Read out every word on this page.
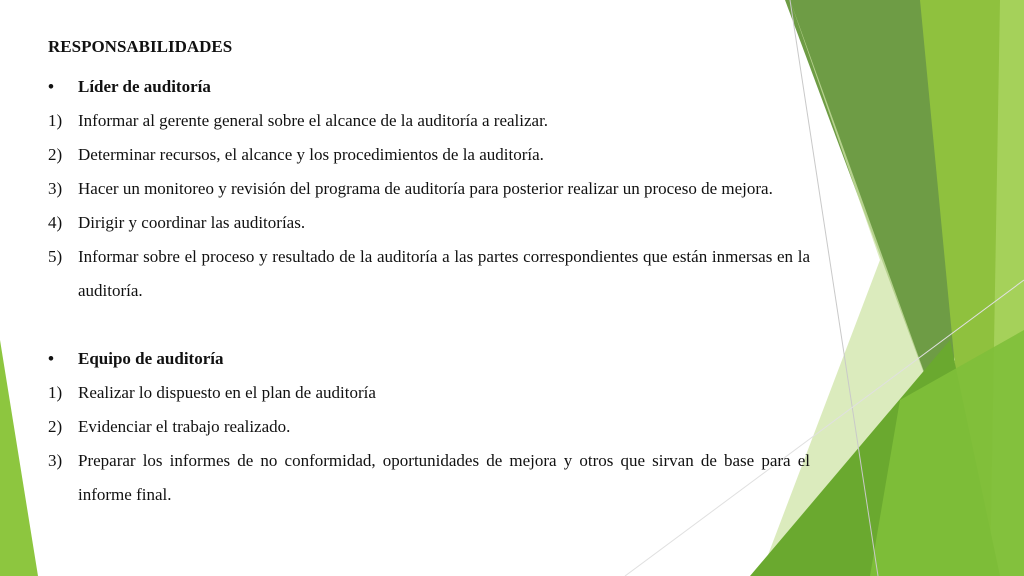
RESPONSABILIDADES
•	Líder de auditoría
1) Informar al gerente general sobre el alcance de la auditoría a realizar.
2) Determinar recursos, el alcance y los procedimientos de la auditoría.
3) Hacer un monitoreo y revisión del programa de auditoría para posterior realizar un proceso de mejora.
4) Dirigir y coordinar las auditorías.
5) Informar sobre el proceso y resultado de la auditoría a las partes correspondientes que están inmersas en la auditoría.
•	Equipo de auditoría
1) Realizar lo dispuesto en el plan de auditoría
2) Evidenciar el trabajo realizado.
3) Preparar los informes de no conformidad, oportunidades de mejora y otros que sirvan de base para el informe final.
